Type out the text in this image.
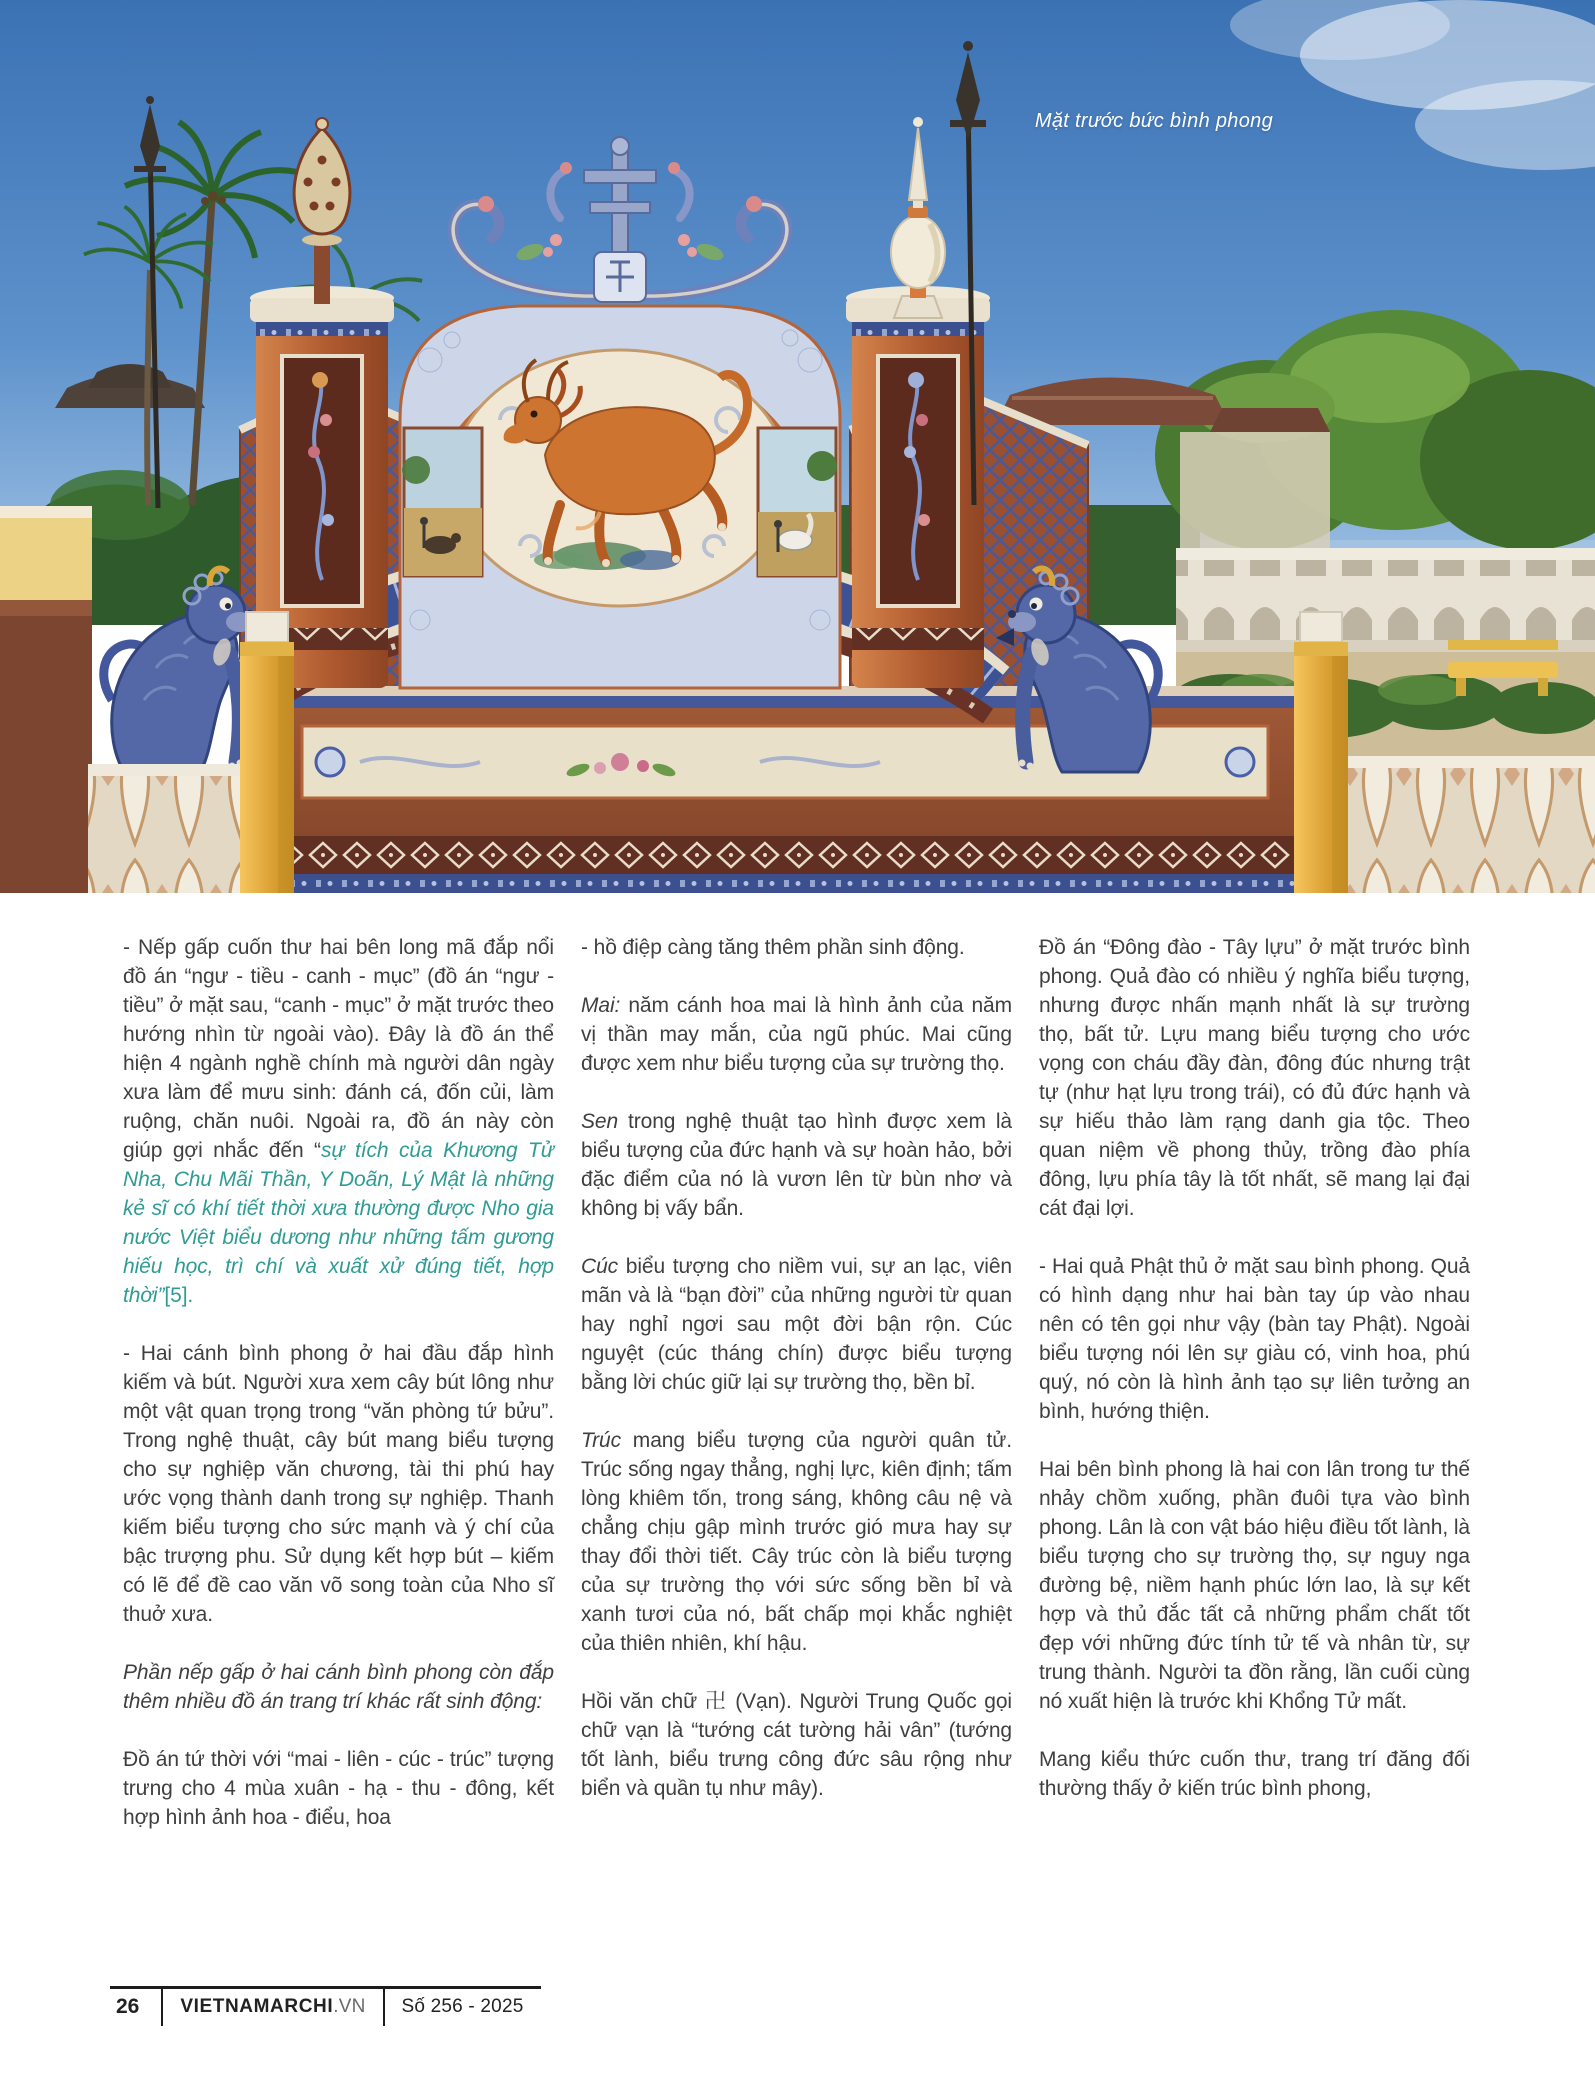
Mặt trước bức bình phong

- Nếp gấp cuốn thư hai bên long mã đắp nổi đồ án “ngư - tiều - canh - mục” (đồ án “ngư - tiều” ở mặt sau, “canh - mục” ở mặt trước theo hướng nhìn từ ngoài vào). Đây là đồ án thể hiện 4 ngành nghề chính mà người dân ngày xưa làm để mưu sinh: đánh cá, đốn củi, làm ruộng, chăn nuôi. Ngoài ra, đồ án này còn giúp gợi nhắc đến “sự tích của Khương Tử Nha, Chu Mãi Thần, Y Doãn, Lý Mật là những kẻ sĩ có khí tiết thời xưa thường được Nho gia nước Việt biểu dương như những tấm gương hiếu học, trì chí và xuất xử đúng tiết, hợp thời”[5].

- Hai cánh bình phong ở hai đầu đắp hình kiếm và bút. Người xưa xem cây bút lông như một vật quan trọng trong “văn phòng tứ bửu”. Trong nghệ thuật, cây bút mang biểu tượng cho sự nghiệp văn chương, tài thi phú hay ước vọng thành danh trong sự nghiệp. Thanh kiếm biểu tượng cho sức mạnh và ý chí của bậc trượng phu. Sử dụng kết hợp bút – kiếm có lẽ để đề cao văn võ song toàn của Nho sĩ thuở xưa.

Phần nếp gấp ở hai cánh bình phong còn đắp thêm nhiều đồ án trang trí khác rất sinh động:

Đồ án tứ thời với “mai - liên - cúc - trúc” tượng trưng cho 4 mùa xuân - hạ - thu - đông, kết hợp hình ảnh hoa - điểu, hoa

- hồ điệp càng tăng thêm phần sinh động.

Mai: năm cánh hoa mai là hình ảnh của năm vị thần may mắn, của ngũ phúc. Mai cũng được xem như biểu tượng của sự trường thọ.

Sen trong nghệ thuật tạo hình được xem là biểu tượng của đức hạnh và sự hoàn hảo, bởi đặc điểm của nó là vươn lên từ bùn nhơ và không bị vấy bẩn.

Cúc biểu tượng cho niềm vui, sự an lạc, viên mãn và là “bạn đời” của những người từ quan hay nghỉ ngơi sau một đời bận rộn. Cúc nguyệt (cúc tháng chín) được biểu tượng bằng lời chúc giữ lại sự trường thọ, bền bỉ.

Trúc mang biểu tượng của người quân tử. Trúc sống ngay thẳng, nghị lực, kiên định; tấm lòng khiêm tốn, trong sáng, không câu nệ và chẳng chịu gập mình trước gió mưa hay sự thay đổi thời tiết. Cây trúc còn là biểu tượng của sự trường thọ với sức sống bền bỉ và xanh tươi của nó, bất chấp mọi khắc nghiệt của thiên nhiên, khí hậu.

Hồi văn chữ 卍 (Vạn). Người Trung Quốc gọi chữ vạn là “tướng cát tường hải vân” (tướng tốt lành, biểu trưng công đức sâu rộng như biển và quần tụ như mây).

Đồ án “Đông đào - Tây lựu” ở mặt trước bình phong. Quả đào có nhiều ý nghĩa biểu tượng, nhưng được nhấn mạnh nhất là sự trường thọ, bất tử. Lựu mang biểu tượng cho ước vọng con cháu đầy đàn, đông đúc nhưng trật tự (như hạt lựu trong trái), có đủ đức hạnh và sự hiếu thảo làm rạng danh gia tộc. Theo quan niệm về phong thủy, trồng đào phía đông, lựu phía tây là tốt nhất, sẽ mang lại đại cát đại lợi.

- Hai quả Phật thủ ở mặt sau bình phong. Quả có hình dạng như hai bàn tay úp vào nhau nên có tên gọi như vậy (bàn tay Phật). Ngoài biểu tượng nói lên sự giàu có, vinh hoa, phú quý, nó còn là hình ảnh tạo sự liên tưởng an bình, hướng thiện.

Hai bên bình phong là hai con lân trong tư thế nhảy chồm xuống, phần đuôi tựa vào bình phong. Lân là con vật báo hiệu điều tốt lành, là biểu tượng cho sự trường thọ, sự nguy nga đường bệ, niềm hạnh phúc lớn lao, là sự kết hợp và thủ đắc tất cả những phẩm chất tốt đẹp với những đức tính tử tế và nhân từ, sự trung thành. Người ta đồn rằng, lần cuối cùng nó xuất hiện là trước khi Khổng Tử mất.

Mang kiểu thức cuốn thư, trang trí đăng đối thường thấy ở kiến trúc bình phong,

26	VIETNAMARCHI .VN	Số 256 - 2025
